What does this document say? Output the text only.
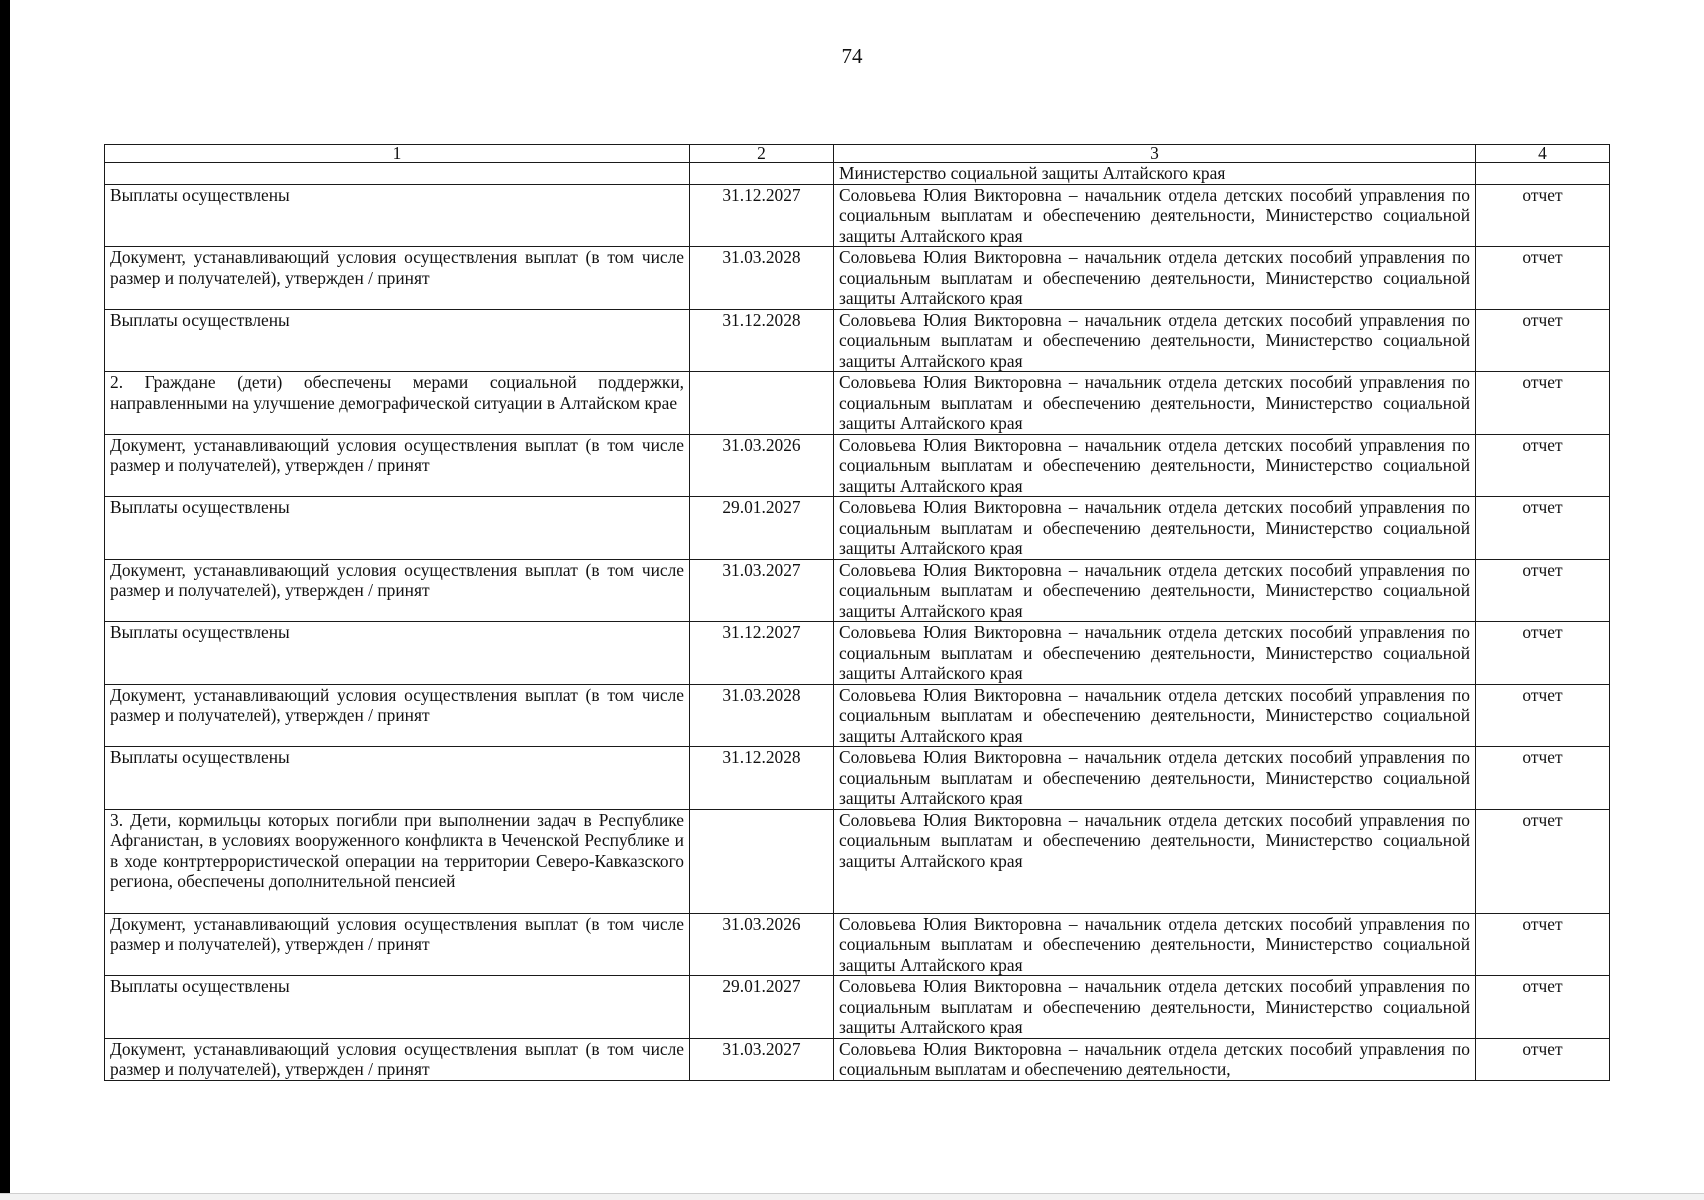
74
1	2	3	4
		Министерство социальной защиты Алтайского края	
Выплаты осуществлены	31.12.2027	Соловьева Юлия Викторовна – начальник отдела детских пособий управления по социальным выплатам и обеспечению деятельности, Министерство социальной защиты Алтайского края	отчет
Документ, устанавливающий условия осуществления выплат (в том числе размер и получателей), утвержден / принят	31.03.2028	Соловьева Юлия Викторовна – начальник отдела детских пособий управления по социальным выплатам и обеспечению деятельности, Министерство социальной защиты Алтайского края	отчет
Выплаты осуществлены	31.12.2028	Соловьева Юлия Викторовна – начальник отдела детских пособий управления по социальным выплатам и обеспечению деятельности, Министерство социальной защиты Алтайского края	отчет
2. Граждане (дети) обеспечены мерами социальной поддержки, направленными на улучшение демографической ситуации в Алтайском крае		Соловьева Юлия Викторовна – начальник отдела детских пособий управления по социальным выплатам и обеспечению деятельности, Министерство социальной защиты Алтайского края	отчет
Документ, устанавливающий условия осуществления выплат (в том числе размер и получателей), утвержден / принят	31.03.2026	Соловьева Юлия Викторовна – начальник отдела детских пособий управления по социальным выплатам и обеспечению деятельности, Министерство социальной защиты Алтайского края	отчет
Выплаты осуществлены	29.01.2027	Соловьева Юлия Викторовна – начальник отдела детских пособий управления по социальным выплатам и обеспечению деятельности, Министерство социальной защиты Алтайского края	отчет
Документ, устанавливающий условия осуществления выплат (в том числе размер и получателей), утвержден / принят	31.03.2027	Соловьева Юлия Викторовна – начальник отдела детских пособий управления по социальным выплатам и обеспечению деятельности, Министерство социальной защиты Алтайского края	отчет
Выплаты осуществлены	31.12.2027	Соловьева Юлия Викторовна – начальник отдела детских пособий управления по социальным выплатам и обеспечению деятельности, Министерство социальной защиты Алтайского края	отчет
Документ, устанавливающий условия осуществления выплат (в том числе размер и получателей), утвержден / принят	31.03.2028	Соловьева Юлия Викторовна – начальник отдела детских пособий управления по социальным выплатам и обеспечению деятельности, Министерство социальной защиты Алтайского края	отчет
Выплаты осуществлены	31.12.2028	Соловьева Юлия Викторовна – начальник отдела детских пособий управления по социальным выплатам и обеспечению деятельности, Министерство социальной защиты Алтайского края	отчет
3. Дети, кормильцы которых погибли при выполнении задач в Республике Афганистан, в условиях вооруженного конфликта в Чеченской Республике и в ходе контртеррористической операции на территории Северо-Кавказского региона, обеспечены дополнительной пенсией		Соловьева Юлия Викторовна – начальник отдела детских пособий управления по социальным выплатам и обеспечению деятельности, Министерство социальной защиты Алтайского края	отчет
Документ, устанавливающий условия осуществления выплат (в том числе размер и получателей), утвержден / принят	31.03.2026	Соловьева Юлия Викторовна – начальник отдела детских пособий управления по социальным выплатам и обеспечению деятельности, Министерство социальной защиты Алтайского края	отчет
Выплаты осуществлены	29.01.2027	Соловьева Юлия Викторовна – начальник отдела детских пособий управления по социальным выплатам и обеспечению деятельности, Министерство социальной защиты Алтайского края	отчет
Документ, устанавливающий условия осуществления выплат (в том числе размер и получателей), утвержден / принят	31.03.2027	Соловьева Юлия Викторовна – начальник отдела детских пособий управления по социальным выплатам и обеспечению деятельности,	отчет
